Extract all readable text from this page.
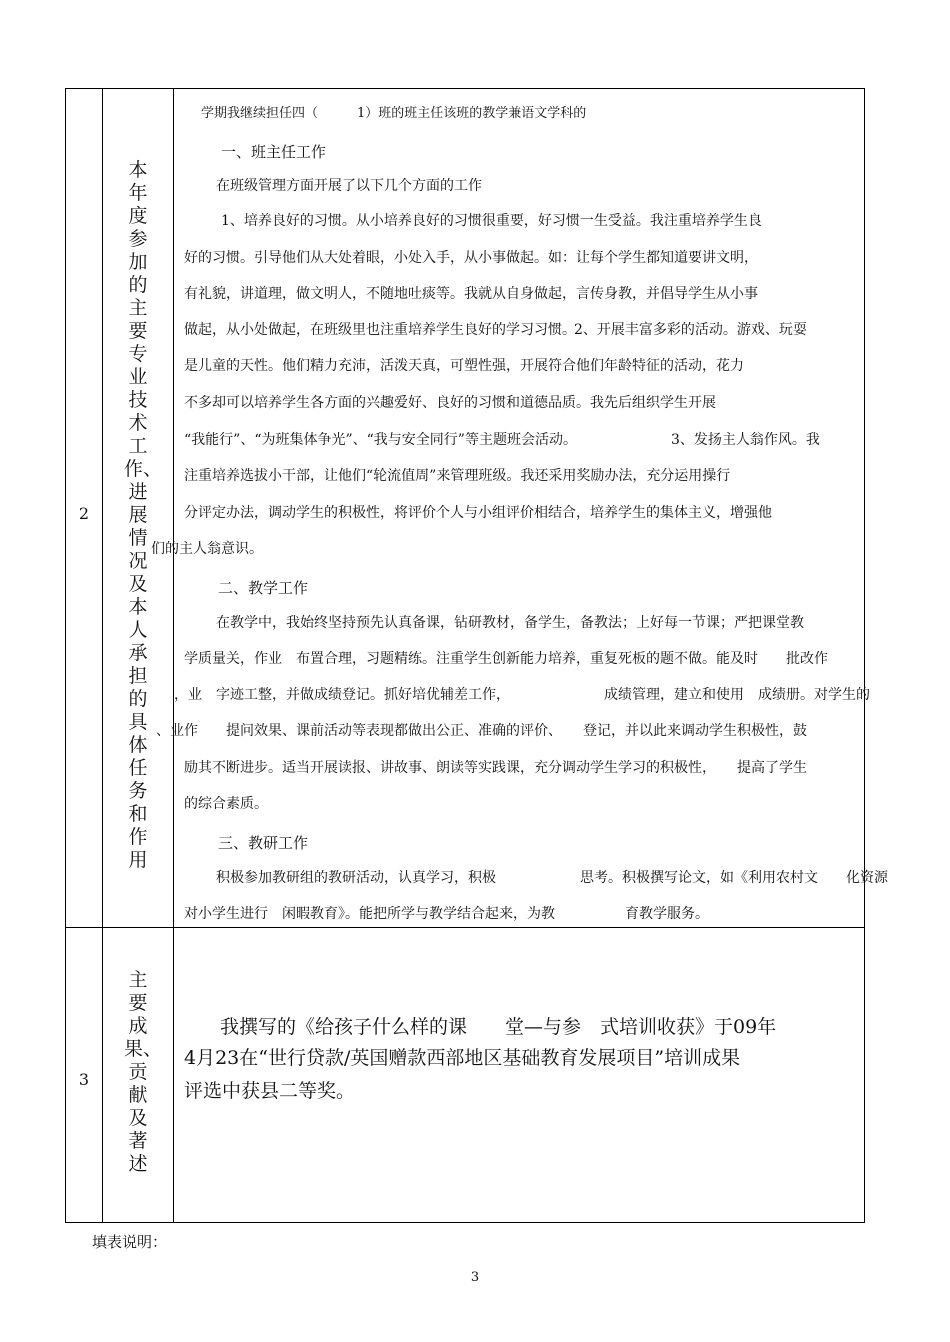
2
本年度参加的主要专业技术工作、进展情况及本人承担的具体任务和作用
学期我继续担任四（　　　1）班的班主任该班的教学兼语文学科的
一、班主任工作
在班级管理方面开展了以下几个方面的工作
1、培养良好的习惯。从小培养良好的习惯很重要，好习惯一生受益。我注重培养学生良
好的习惯。引导他们从大处着眼，小处入手，从小事做起。如：让每个学生都知道要讲文明，
有礼貌，讲道理，做文明人，不随地吐痰等。我就从自身做起，言传身教，并倡导学生从小事
做起，从小处做起，在班级里也注重培养学生良好的学习习惯。
2、开展丰富多彩的活动。游戏、玩耍
是儿童的天性。他们精力充沛，活泼天真，可塑性强，开展符合他们年龄特征的活动，花力
不多却可以培养学生各方面的兴趣爱好、良好的习惯和道德品质。我先后组织学生开展
“我能行”、“为班集体争光”、“我与安全同行”等主题班会活动。	3、发扬主人翁作风。我
注重培养选拔小干部，让他们“轮流值周”来管理班级。我还采用奖励办法，充分运用操行
分评定办法，调动学生的积极性，将评价个人与小组评价相结合，培养学生的集体主义，增强他
们的主人翁意识。
二、教学工作
在教学中，我始终坚持预先认真备课，钻研教材，备学生，备教法；上好每一节课；严把课堂教
学质量关，作业　布置合理，习题精练。注重学生创新能力培养，重复死板的题不做。能及时　　批改作
，业　字迹工整，并做成绩登记。抓好培优辅差工作，	成绩管理，建立和使用　成绩册。对学生的
、业作　　提问效果、课前活动等表现都做出公正、准确的评价、　　登记，并以此来调动学生积极性，鼓
励其不断进步。适当开展读报、讲故事、朗读等实践课，充分调动学生学习的积极性，　　提高了学生
的综合素质。
三、教研工作
积极参加教研组的教研活动，认真学习，积极　　　　　　思考。积极撰写论文，如《利用农村文　　化资源
对小学生进行　闲暇教育》。能把所学与教学结合起来，为教　　　　　育教学服务。
3
主要成果、贡献及著述
我撰写的《给孩子什么样的课　　堂—与参　式培训收获》于09年
4月23在“世行贷款/英国赠款西部地区基础教育发展项目”培训成果
评选中获县二等奖。
填表说明：
3
